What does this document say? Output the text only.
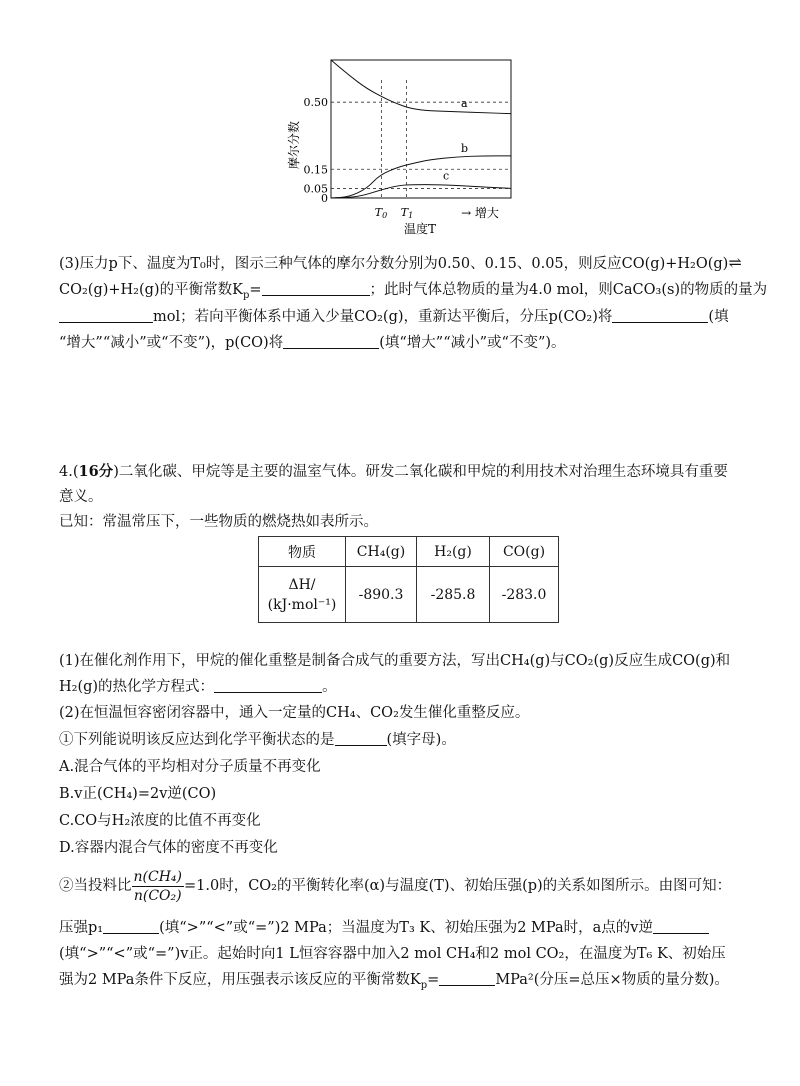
0.50
0.15
0.05
0
a
b
c
摩尔分数
T0 T1	→ 增大
温度T
(3)压力p下、温度为T₀时，图示三种气体的摩尔分数分别为0.50、0.15、0.05，则反应CO(g)+H₂O(g)⇌
CO₂(g)+H₂(g)的平衡常数$K_p=$	；此时气体总物质的量为4.0 mol，则CaCO₃(s)的物质的量为
mol；若向平衡体系中通入少量CO₂(g)，重新达平衡后，分压p(CO₂)将	(填
“增大”“减小”或“不变”)，p(CO)将	(填“增大”“减小”或“不变”)。
4.(16分)二氧化碳、甲烷等是主要的温室气体。研发二氧化碳和甲烷的利用技术对治理生态环境具有重要
意义。
已知：常温常压下，一些物质的燃烧热如表所示。
物质	CH₄(g)	H₂(g)	CO(g)

ΔH/
(kJ·mol⁻¹)	-890.3	-285.8	-283.0
(1)在催化剂作用下，甲烷的催化重整是制备合成气的重要方法，写出CH₄(g)与CO₂(g)反应生成CO(g)和
H₂(g)的热化学方程式：	。
(2)在恒温恒容密闭容器中，通入一定量的CH₄、CO₂发生催化重整反应。
①下列能说明该反应达到化学平衡状态的是	(填字母)。
A.混合气体的平均相对分子质量不再变化
B.v正(CH₄)=2v逆(CO)
C.CO与H₂浓度的比值不再变化
D.容器内混合气体的密度不再变化
②当投料比 $\frac{\text{n(CH₄)}}{\text{n(CO₂)}} =1.0$时，CO₂的平衡转化率(α)与温度(T)、初始压强(p)的关系如图所示。由图可知：
压强p₁	(填“>”“<”或“=”)2 MPa；当温度为T₃ K、初始压强为2 MPa时，a点的v逆
(填“>”“<”或“=”)v正。起始时向1 L恒容容器中加入2 mol CH₄和2 mol CO₂，在温度为T₆ K、初始压
强为2 MPa条件下反应，用压强表示该反应的平衡常数$K_p=$	MPa²(分压=总压×物质的量分数)。
